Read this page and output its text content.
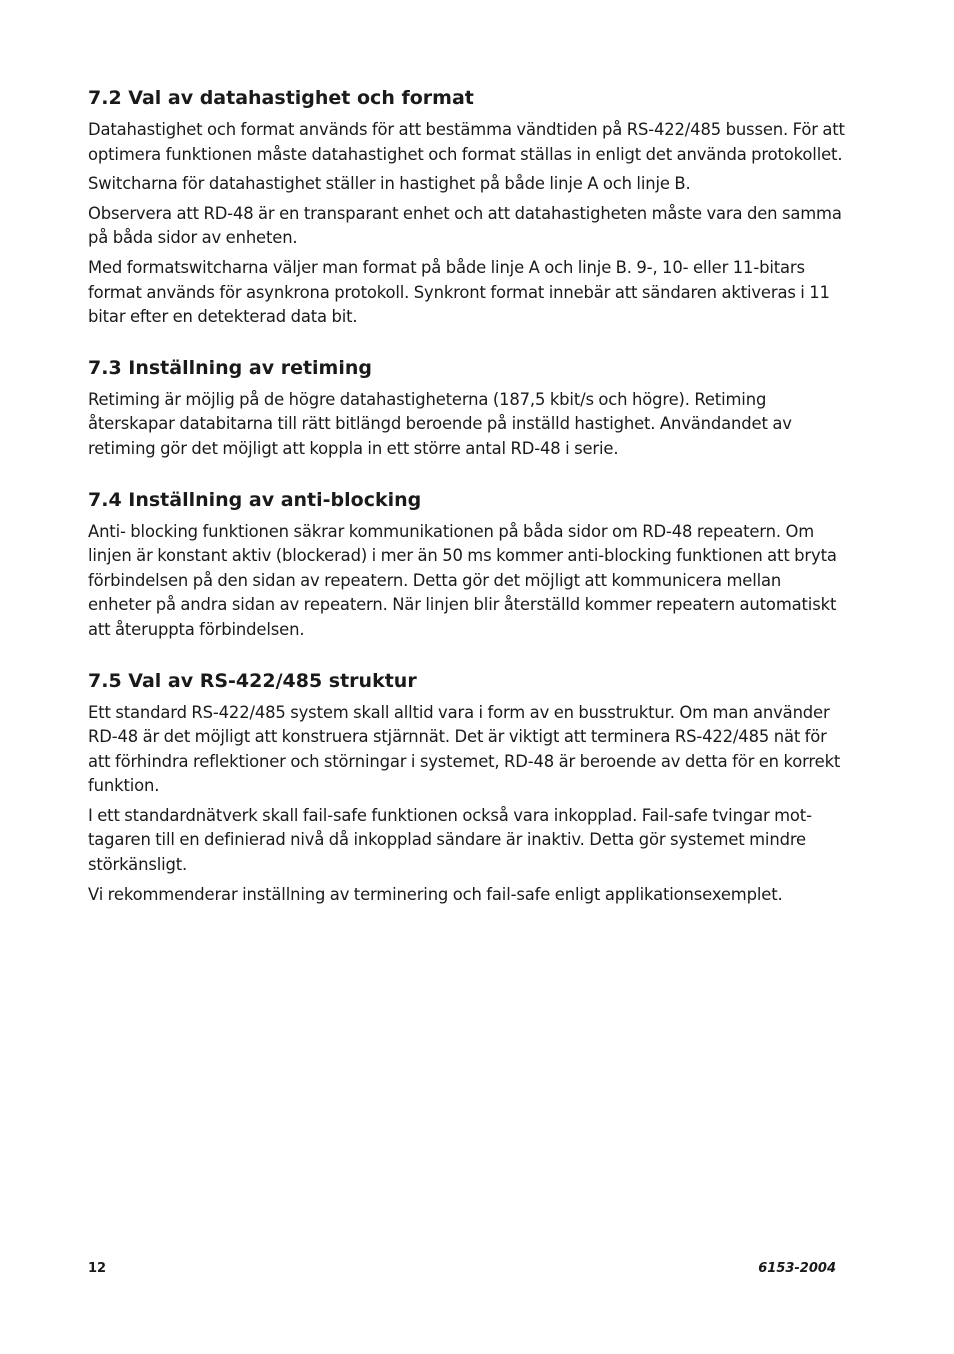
7.2 Val av datahastighet och format

Datahastighet och format används för att bestämma vändtiden på RS-422/485 bussen. För att optimera funktionen måste datahastighet och format ställas in enligt det använda protokollet.

Switcharna för datahastighet ställer in hastighet på både linje A och linje B.

Observera att RD-48 är en transparant enhet och att datahastigheten måste vara den samma på båda sidor av enheten.

Med formatswitcharna väljer man format på både linje A och linje B. 9-, 10- eller 11-bitars format används för asynkrona protokoll. Synkront format innebär att sändaren aktiveras i 11 bitar efter en detekterad data bit.

7.3 Inställning av retiming

Retiming är möjlig på de högre datahastigheterna (187,5 kbit/s och högre). Retiming återskapar databitarna till rätt bitlängd beroende på inställd hastighet. Användandet av retiming gör det möjligt att koppla in ett större antal RD-48 i serie.

7.4 Inställning av anti-blocking

Anti- blocking funktionen säkrar kommunikationen på båda sidor om RD-48 repeatern. Om linjen är konstant aktiv (blockerad) i mer än 50 ms kommer anti-blocking funktionen att bryta förbindelsen på den sidan av repeatern. Detta gör det möjligt att kommunicera mellan enheter på andra sidan av repeatern. När linjen blir återställd kommer repeatern automatiskt att återuppta förbindelsen.

7.5 Val av RS-422/485 struktur

Ett standard RS-422/485 system skall alltid vara i form av en busstruktur. Om man använder RD-48 är det möjligt att konstruera stjärnnät. Det är viktigt att terminera RS-422/485 nät för att förhindra reflektioner och störningar i systemet, RD-48 är beroende av detta för en korrekt funktion.

I ett standardnätverk skall fail-safe funktionen också vara inkopplad. Fail-safe tvingar mot-tagaren till en definierad nivå då inkopplad sändare är inaktiv. Detta gör systemet mindre störkänsligt.

Vi rekommenderar inställning av terminering och fail-safe enligt applikationsexemplet.

12	6153-2004
